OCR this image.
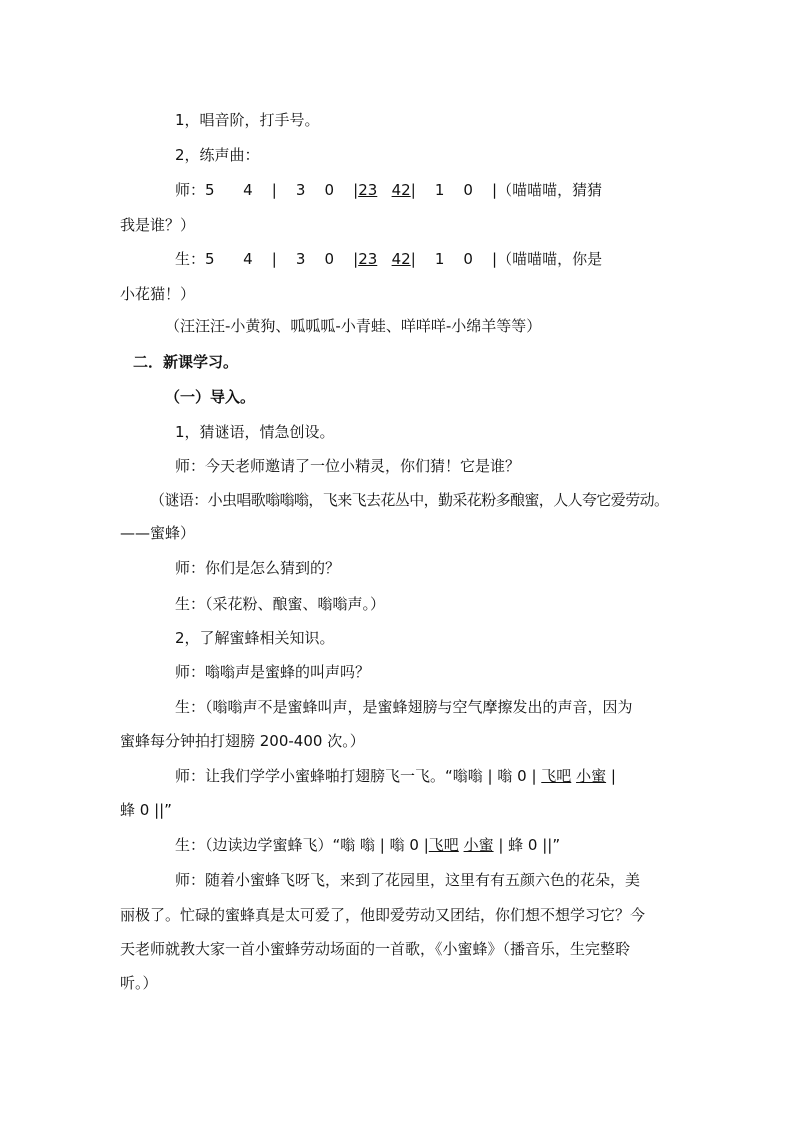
1，唱音阶，打手号。
2，练声曲：
师：5      4    |    3    0    |23 42|    1    0    |（喵喵喵，猜猜
我是谁？）
生：5      4    |    3    0    |23 42|    1    0    |（喵喵喵，你是
小花猫！）
（汪汪汪-小黄狗、呱呱呱-小青蛙、咩咩咩-小绵羊等等）
二．新课学习。
（一）导入。
1，猜谜语，情急创设。
师：今天老师邀请了一位小精灵，你们猜！它是谁？
（谜语：小虫唱歌嗡嗡嗡，飞来飞去花丛中，勤采花粉多酿蜜，人人夸它爱劳动。
——蜜蜂）
师：你们是怎么猜到的？
生：（采花粉、酿蜜、嗡嗡声。）
2，了解蜜蜂相关知识。
师：嗡嗡声是蜜蜂的叫声吗？
生：（嗡嗡声不是蜜蜂叫声，是蜜蜂翅膀与空气摩擦发出的声音，因为
蜜蜂每分钟拍打翅膀 200-400 次。）
师：让我们学学小蜜蜂啪打翅膀飞一飞。“嗡嗡 | 嗡 0 | 飞吧 小蜜 |
蜂 0 ||”
生：（边读边学蜜蜂飞）“嗡 嗡 | 嗡 0 |飞吧 小蜜 | 蜂 0 ||”
师：随着小蜜蜂飞呀飞，来到了花园里，这里有有五颜六色的花朵，美
丽极了。忙碌的蜜蜂真是太可爱了，他即爱劳动又团结，你们想不想学习它？今
天老师就教大家一首小蜜蜂劳动场面的一首歌，《小蜜蜂》（播音乐，生完整聆
听。）
